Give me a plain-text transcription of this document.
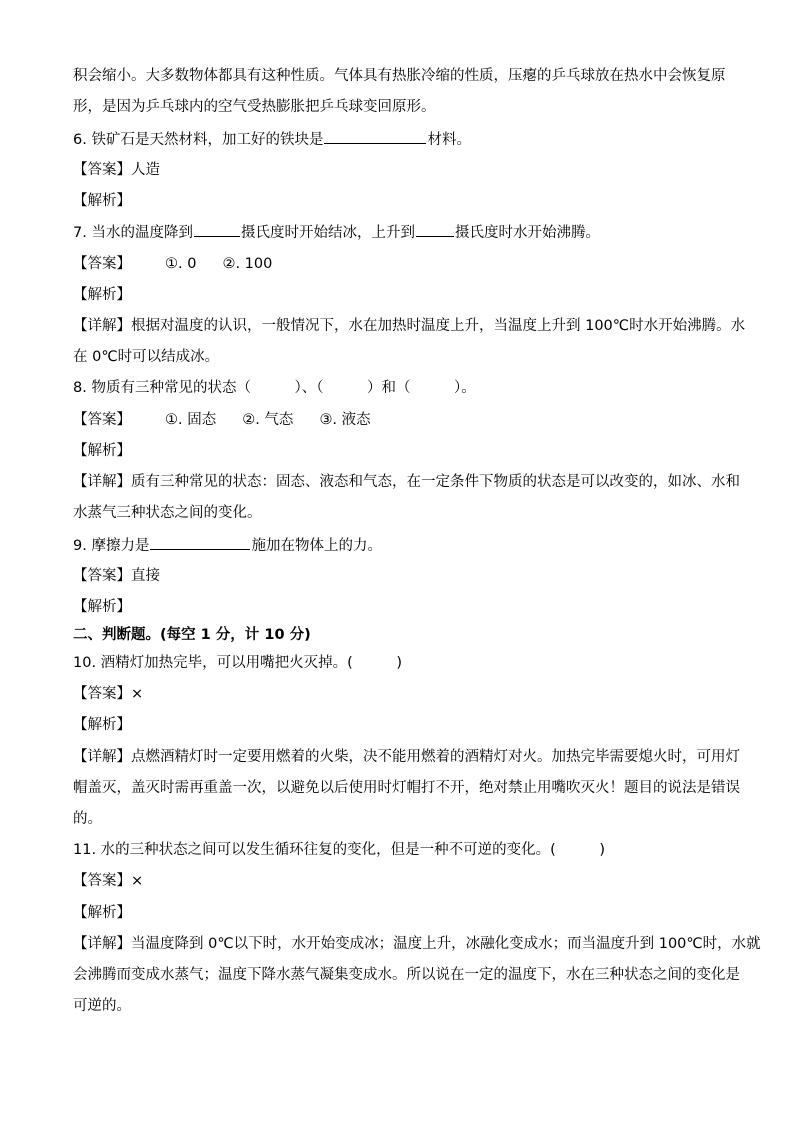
积会缩小。大多数物体都具有这种性质。气体具有热胀冷缩的性质，压瘪的乒乓球放在热水中会恢复原
形，是因为乒乓球内的空气受热膨胀把乒乓球变回原形。
6. 铁矿石是天然材料，加工好的铁块是	材料。
【答案】人造
【解析】
7. 当水的温度降到	摄氏度时开始结冰，上升到	摄氏度时水开始沸腾。
【答案】 ①. 0 ②. 100
【解析】
【详解】根据对温度的认识，一般情况下，水在加热时温度上升，当温度上升到 100℃时水开始沸腾。水
在 0℃时可以结成冰。
8. 物质有三种常见的状态（　　　）、（　　　）和（　　　）。
【答案】 ①. 固态 ②. 气态 ③. 液态
【解析】
【详解】质有三种常见的状态：固态、液态和气态，在一定条件下物质的状态是可以改变的，如冰、水和
水蒸气三种状态之间的变化。
9. 摩擦力是	施加在物体上的力。
【答案】直接
【解析】
二、判断题。(每空 1 分，计 10 分)
10. 酒精灯加热完毕，可以用嘴把火灭掉。(　　　)
【答案】×
【解析】
【详解】点燃酒精灯时一定要用燃着的火柴，决不能用燃着的酒精灯对火。加热完毕需要熄火时，可用灯
帽盖灭，盖灭时需再重盖一次，以避免以后使用时灯帽打不开，绝对禁止用嘴吹灭火！题目的说法是错误
的。
11. 水的三种状态之间可以发生循环往复的变化，但是一种不可逆的变化。(　　　)
【答案】×
【解析】
【详解】当温度降到 0℃以下时，水开始变成冰；温度上升，冰融化变成水；而当温度升到 100℃时，水就
会沸腾而变成水蒸气；温度下降水蒸气凝集变成水。所以说在一定的温度下，水在三种状态之间的变化是
可逆的。
